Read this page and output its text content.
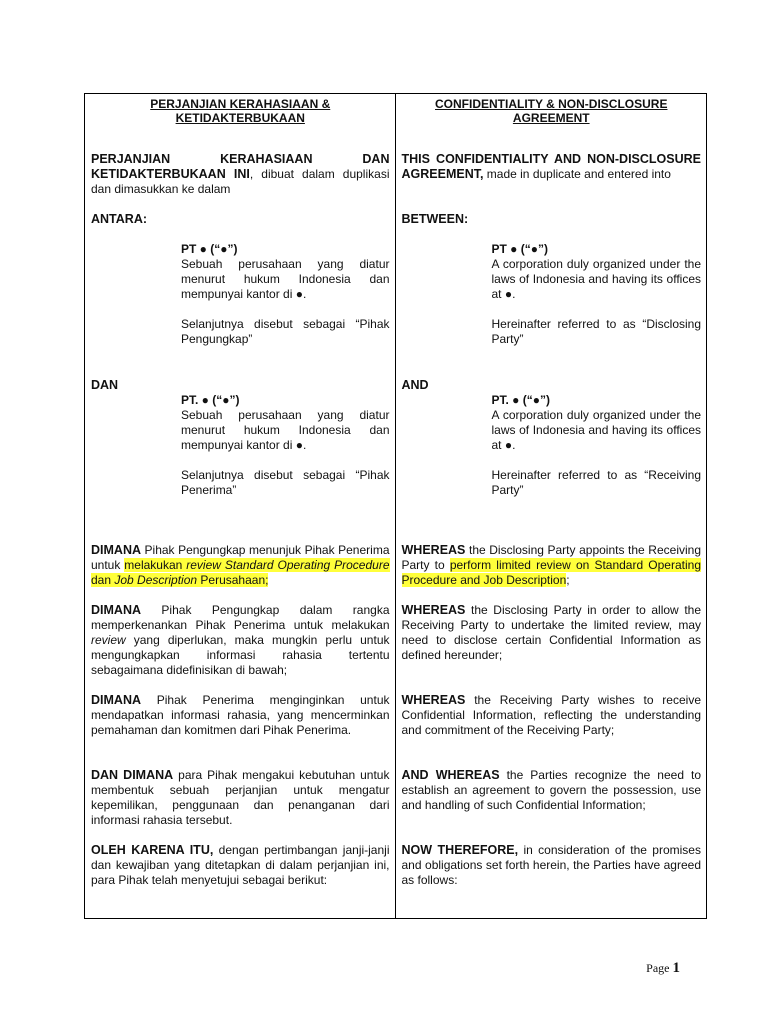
PERJANJIAN KERAHASIAAN & KETIDAKTERBUKAAN
PERJANJIAN KERAHASIAAN DAN KETIDAKTERBUKAAN INI, dibuat dalam duplikasi dan dimasukkan ke dalam
ANTARA:
PT ● (“●”)
Sebuah perusahaan yang diatur menurut hukum Indonesia dan mempunyai kantor di ●.
Selanjutnya disebut sebagai “Pihak Pengungkap”
DAN
PT. ● (“●”)
Sebuah perusahaan yang diatur menurut hukum Indonesia dan mempunyai kantor di ●.
Selanjutnya disebut sebagai “Pihak Penerima”
DIMANA Pihak Pengungkap menunjuk Pihak Penerima untuk melakukan review Standard Operating Procedure dan Job Description Perusahaan;
DIMANA Pihak Pengungkap dalam rangka memperkenankan Pihak Penerima untuk melakukan review yang diperlukan, maka mungkin perlu untuk mengungkapkan informasi rahasia tertentu sebagaimana didefinisikan di bawah;
DIMANA Pihak Penerima menginginkan untuk mendapatkan informasi rahasia, yang mencerminkan pemahaman dan komitmen dari Pihak Penerima.
DAN DIMANA para Pihak mengakui kebutuhan untuk membentuk sebuah perjanjian untuk mengatur kepemilikan, penggunaan dan penanganan dari informasi rahasia tersebut.
OLEH KARENA ITU, dengan pertimbangan janji-janji dan kewajiban yang ditetapkan di dalam perjanjian ini, para Pihak telah menyetujui sebagai berikut:
CONFIDENTIALITY & NON-DISCLOSURE AGREEMENT
THIS CONFIDENTIALITY AND NON-DISCLOSURE AGREEMENT, made in duplicate and entered into
BETWEEN:
PT ● (“●”)
A corporation duly organized under the laws of Indonesia and having its offices at ●.
Hereinafter referred to as “Disclosing Party”
AND
PT. ● (“●”)
A corporation duly organized under the laws of Indonesia and having its offices at ●.
Hereinafter referred to as “Receiving Party”
WHEREAS the Disclosing Party appoints the Receiving Party to perform limited review on Standard Operating Procedure and Job Description;
WHEREAS the Disclosing Party in order to allow the Receiving Party to undertake the limited review, may need to disclose certain Confidential Information as defined hereunder;
WHEREAS the Receiving Party wishes to receive Confidential Information, reflecting the understanding and commitment of the Receiving Party;
AND WHEREAS the Parties recognize the need to establish an agreement to govern the possession, use and handling of such Confidential Information;
NOW THEREFORE, in consideration of the promises and obligations set forth herein, the Parties have agreed as follows:
Page 1
